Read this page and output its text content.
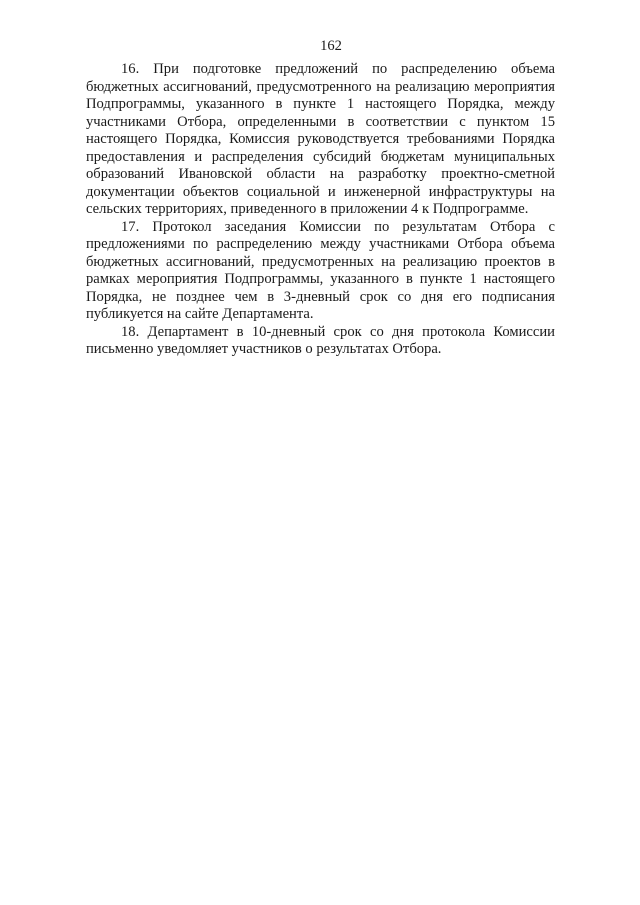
162
16. При подготовке предложений по распределению объема
бюджетных ассигнований, предусмотренного на реализацию мероприятия
Подпрограммы, указанного в пункте 1 настоящего Порядка, между
участниками Отбора, определенными в соответствии с пунктом 15
настоящего Порядка, Комиссия руководствуется требованиями Порядка
предоставления и распределения субсидий бюджетам муниципальных
образований Ивановской области на разработку проектно-сметной
документации объектов социальной и инженерной инфраструктуры на
сельских территориях, приведенного в приложении 4 к Подпрограмме.
17. Протокол заседания Комиссии по результатам Отбора с
предложениями по распределению между участниками Отбора объема
бюджетных ассигнований, предусмотренных на реализацию проектов в
рамках мероприятия Подпрограммы, указанного в пункте 1 настоящего
Порядка, не позднее чем в 3-дневный срок со дня его подписания
публикуется на сайте Департамента.
18. Департамент в 10-дневный срок со дня протокола Комиссии
письменно уведомляет участников о результатах Отбора.
